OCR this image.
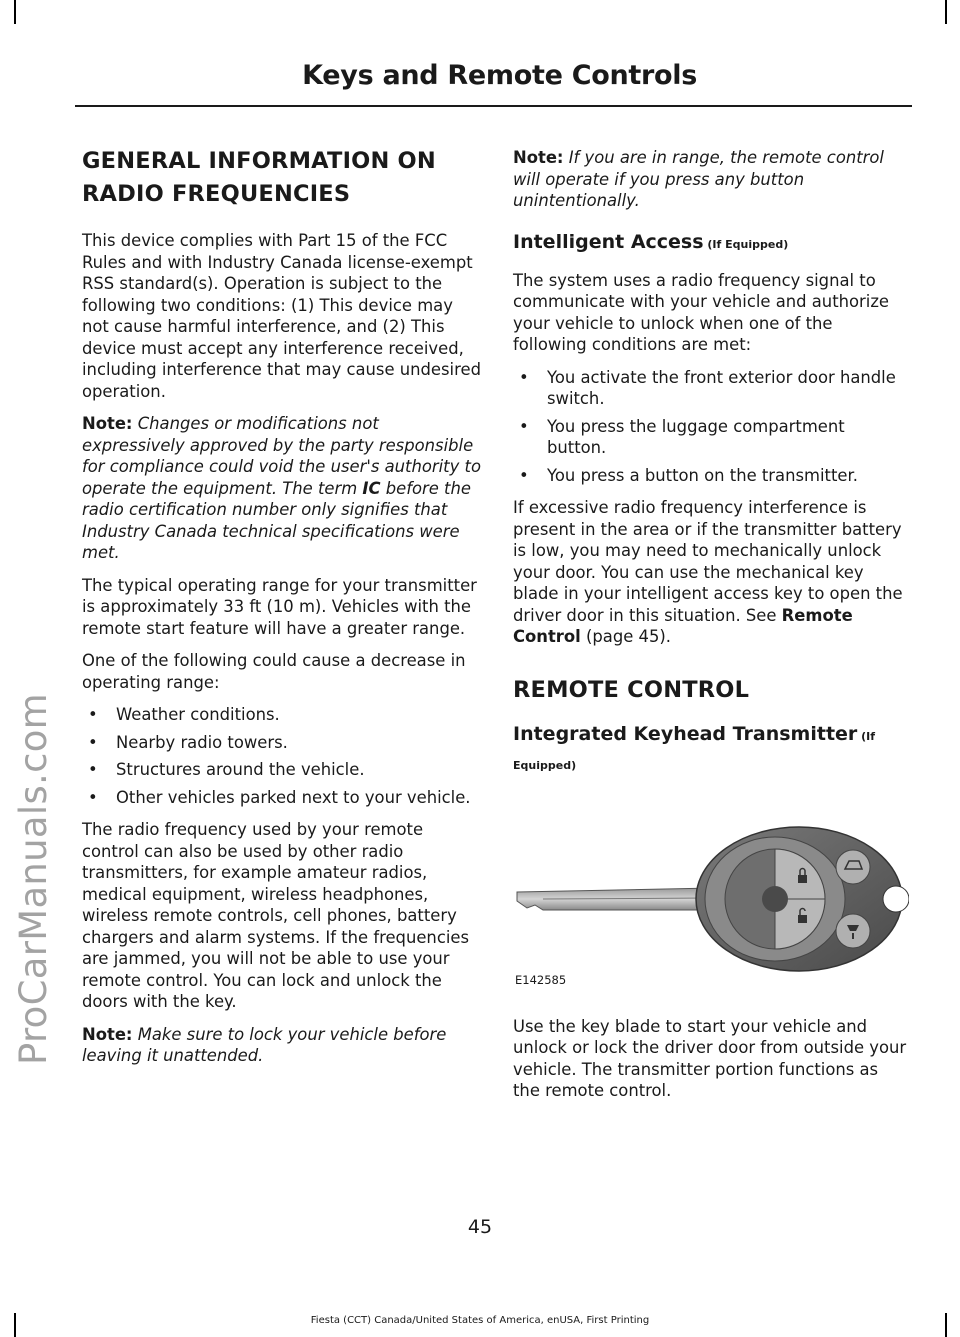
ProCarManuals.com
Keys and Remote Controls
GENERAL INFORMATION ON
RADIO FREQUENCIES

This device complies with Part 15 of the FCC Rules and with Industry Canada license-exempt RSS standard(s). Operation is subject to the following two conditions: (1) This device may not cause harmful interference, and (2) This device must accept any interference received, including interference that may cause undesired operation.

Note: Changes or modifications not expressively approved by the party responsible for compliance could void the user's authority to operate the equipment. The term IC before the radio certification number only signifies that Industry Canada technical specifications were met.

The typical operating range for your transmitter is approximately 33 ft (10 m). Vehicles with the remote start feature will have a greater range.

One of the following could cause a decrease in operating range:

• Weather conditions.
• Nearby radio towers.
• Structures around the vehicle.
• Other vehicles parked next to your vehicle.

The radio frequency used by your remote control can also be used by other radio transmitters, for example amateur radios, medical equipment, wireless headphones, wireless remote controls, cell phones, battery chargers and alarm systems. If the frequencies are jammed, you will not be able to use your remote control. You can lock and unlock the doors with the key.

Note: Make sure to lock your vehicle before leaving it unattended.

Note: If you are in range, the remote control will operate if you press any button unintentionally.

Intelligent Access (If Equipped)

The system uses a radio frequency signal to communicate with your vehicle and authorize your vehicle to unlock when one of the following conditions are met:

• You activate the front exterior door handle switch.
• You press the luggage compartment button.
• You press a button on the transmitter.

If excessive radio frequency interference is present in the area or if the transmitter battery is low, you may need to mechanically unlock your door. You can use the mechanical key blade in your intelligent access key to open the driver door in this situation. See Remote Control (page 45).

REMOTE CONTROL
Integrated Keyhead Transmitter (If
Equipped)
E142585

Use the key blade to start your vehicle and unlock or lock the driver door from outside your vehicle. The transmitter portion functions as the remote control.

45
Fiesta (CCT) Canada/United States of America, enUSA, First Printing
